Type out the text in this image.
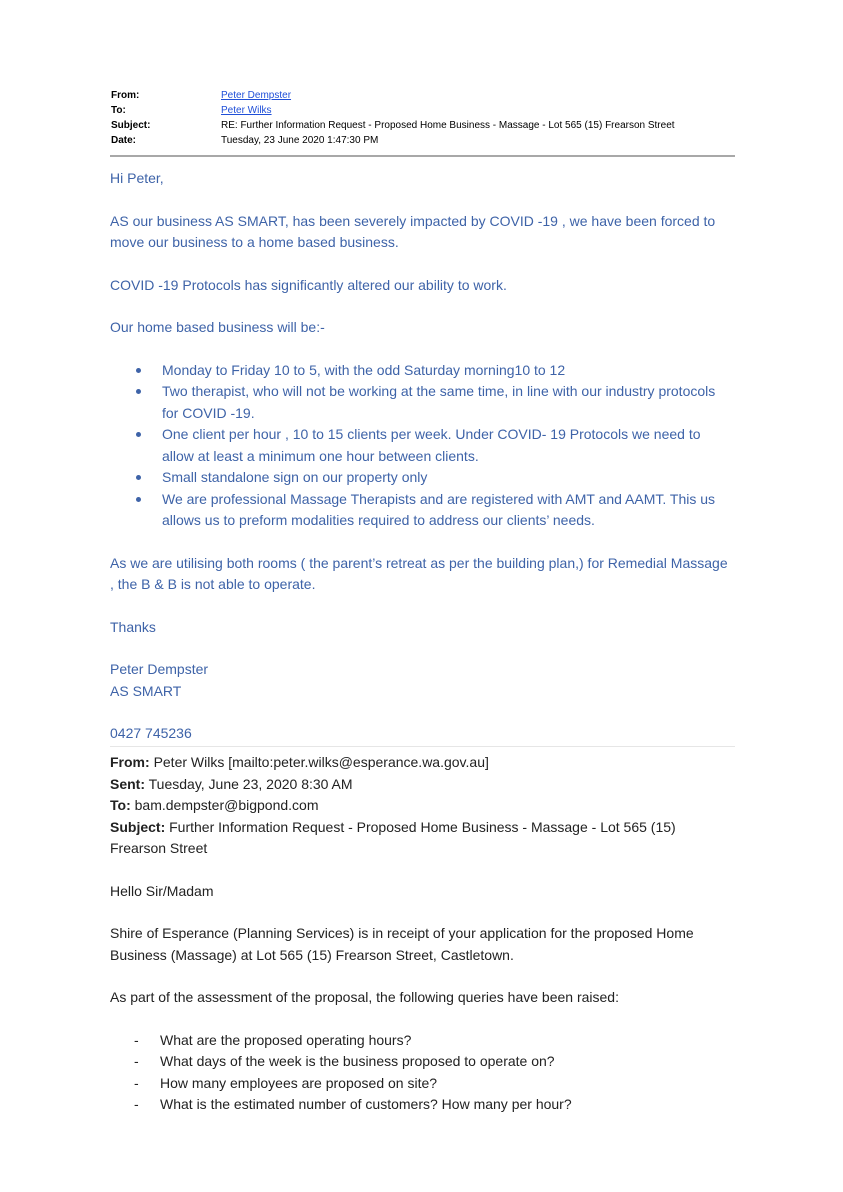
From:	Peter Dempster
To:	Peter Wilks
Subject:	RE: Further Information Request - Proposed Home Business - Massage - Lot 565 (15) Frearson Street
Date:	Tuesday, 23 June 2020 1:47:30 PM

Hi Peter,

AS our business AS SMART, has been severely impacted by COVID -19 , we have been forced to move our business to a home based business.

COVID -19 Protocols has significantly altered our ability to work.

Our home based business will be:-

Monday to Friday 10 to 5, with the odd Saturday morning10 to 12
Two therapist, who will not be working at the same time, in line with our industry protocols for COVID -19.
One client per hour , 10 to 15 clients per week. Under COVID- 19 Protocols we need to allow at least a minimum one hour between clients.
Small standalone sign on our property only
We are professional Massage Therapists and are registered with AMT and AAMT. This us allows us to preform modalities required to address our clients’ needs.

As we are utilising both rooms ( the parent’s retreat as per the building plan,) for Remedial Massage , the B & B is not able to operate.

Thanks

Peter Dempster
AS SMART

0427 745236

From: Peter Wilks [mailto:peter.wilks@esperance.wa.gov.au]
Sent: Tuesday, June 23, 2020 8:30 AM
To: bam.dempster@bigpond.com
Subject: Further Information Request - Proposed Home Business - Massage - Lot 565 (15) Frearson Street

Hello Sir/Madam

Shire of Esperance (Planning Services) is in receipt of your application for the proposed Home Business (Massage) at Lot 565 (15) Frearson Street, Castletown.

As part of the assessment of the proposal, the following queries have been raised:

- What are the proposed operating hours?
- What days of the week is the business proposed to operate on?
- How many employees are proposed on site?
- What is the estimated number of customers? How many per hour?
